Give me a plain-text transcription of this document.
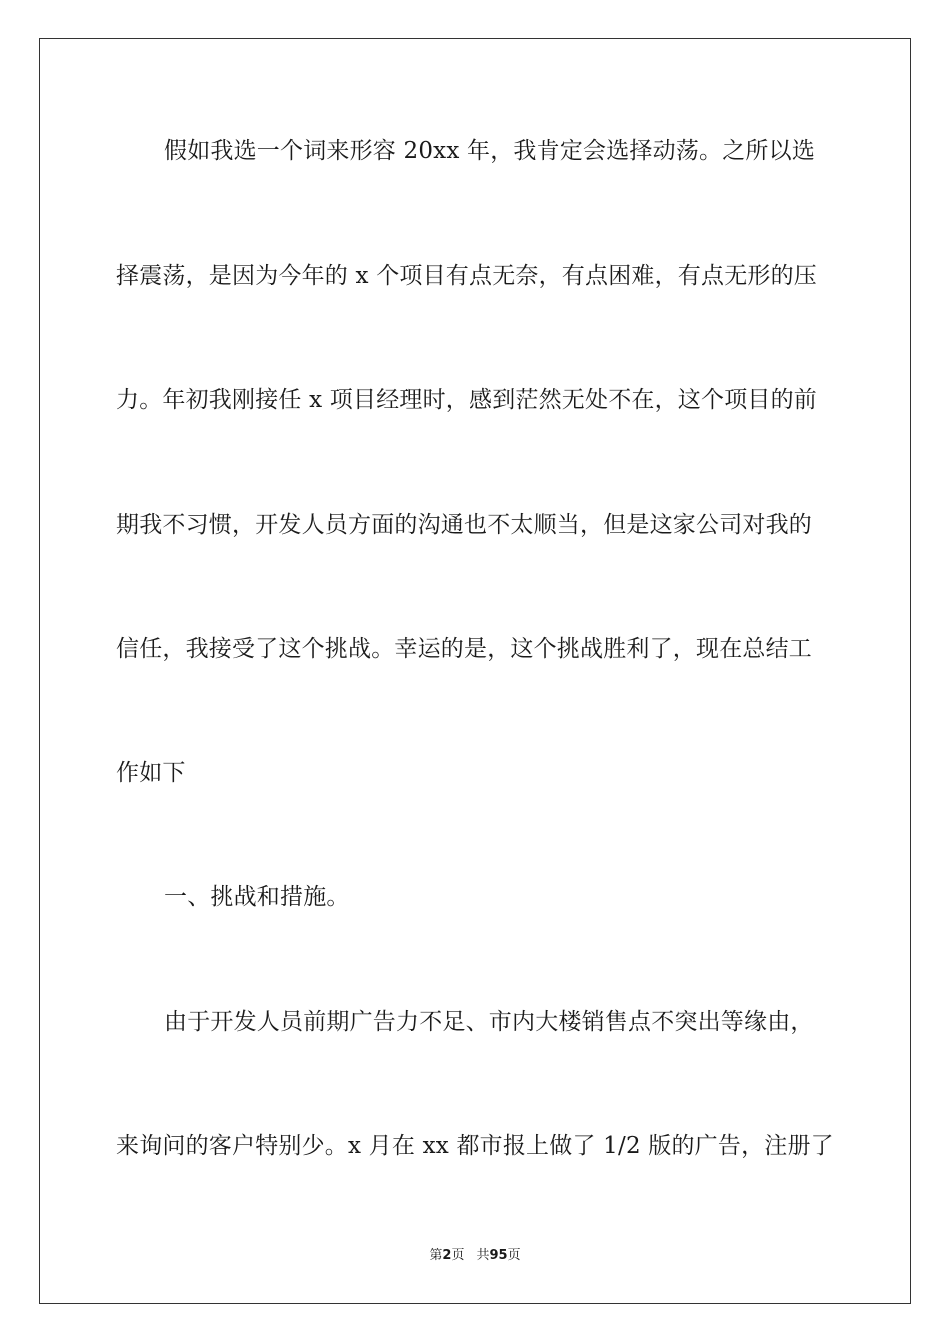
假如我选一个词来形容 20xx 年，我肯定会选择动荡。之所以选
择震荡，是因为今年的 x 个项目有点无奈，有点困难，有点无形的压
力。年初我刚接任 x 项目经理时，感到茫然无处不在，这个项目的前
期我不习惯，开发人员方面的沟通也不太顺当，但是这家公司对我的
信任，我接受了这个挑战。幸运的是，这个挑战胜利了，现在总结工
作如下
一、挑战和措施。
由于开发人员前期广告力不足、市内大楼销售点不突出等缘由，
来询问的客户特别少。x 月在 xx 都市报上做了 1/2 版的广告，注册了
第2页 共95页
